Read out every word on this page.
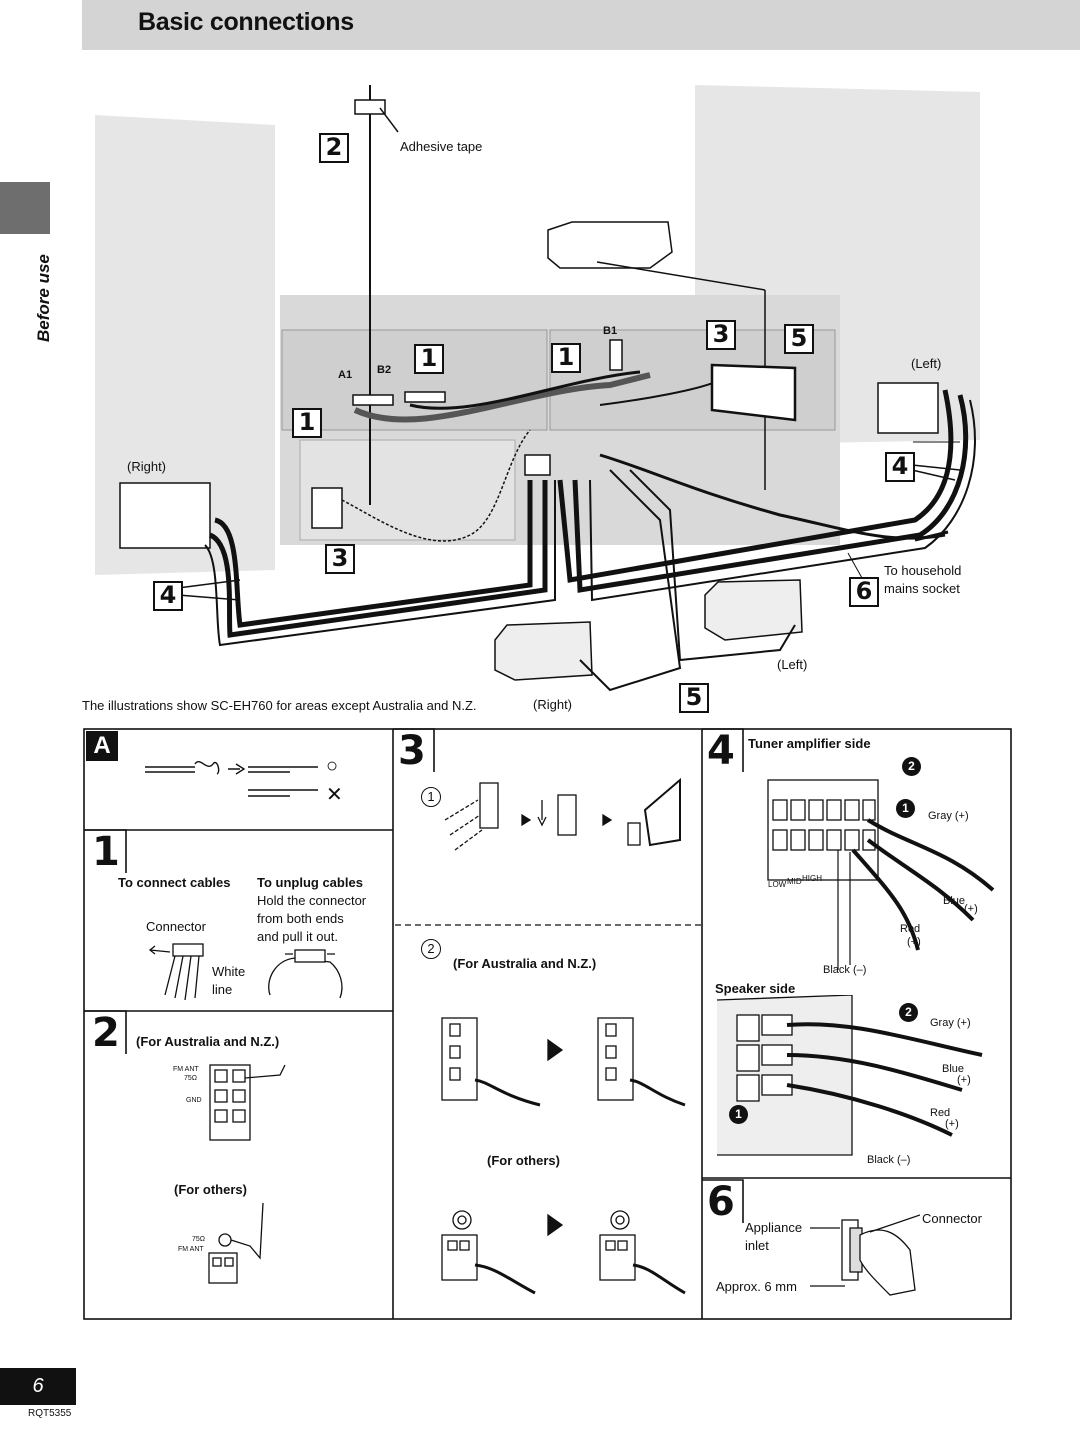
Basic connections
Before use
Adhesive tape
A1 B2
B1
(Right)
(Left)
(Left)
(Right)
To household
mains socket
The illustrations show SC-EH760 for areas except Australia and N.Z.
1	1
1
2
3
3
4
4
5
5
6
A
○
✕
1
To connect cables To unplug cables
Hold the connector
from both ends
and pull it out.
Connector
White
line
2 (For Australia and N.Z.)
FM ANT
75Ω
GND
(For others)
75Ω
FM ANT
3
1
2
(For Australia and N.Z.)
(For others)
4 Tuner amplifier side
2
1
Gray (+)
LOW MID HIGH
Blue
(+)
Red
(+)
Black (–)
Speaker side
2
Gray (+)
Blue
(+)
1	Red
(+)
Black (–)
6	Connector
Appliance
inlet
Approx. 6 mm
6
RQT5355
